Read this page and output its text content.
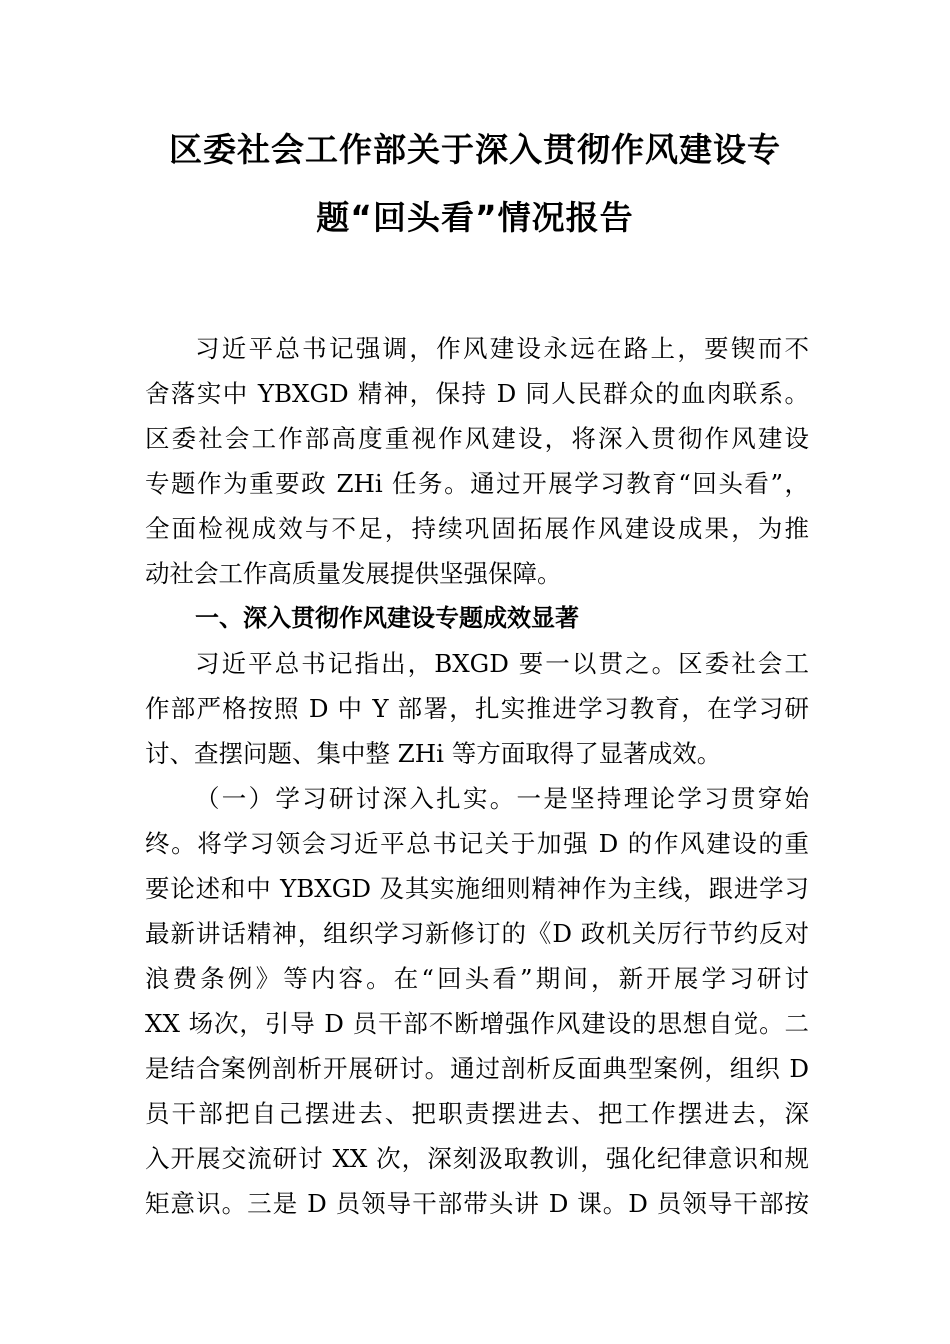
区委社会工作部关于深入贯彻作风建设专
题“回头看”情况报告
习近平总书记强调，作风建设永远在路上，要锲而不
舍落实中 YBXGD 精神，保持 D 同人民群众的血肉联系。
区委社会工作部高度重视作风建设，将深入贯彻作风建设
专题作为重要政 ZHi 任务。通过开展学习教育“回头看”，
全面检视成效与不足，持续巩固拓展作风建设成果，为推
动社会工作高质量发展提供坚强保障。
一、深入贯彻作风建设专题成效显著
习近平总书记指出，BXGD 要一以贯之。区委社会工
作部严格按照 D 中 Y 部署，扎实推进学习教育，在学习研
讨、查摆问题、集中整 ZHi 等方面取得了显著成效。
（一）学习研讨深入扎实。一是坚持理论学习贯穿始
终。将学习领会习近平总书记关于加强 D 的作风建设的重
要论述和中 YBXGD 及其实施细则精神作为主线，跟进学习
最新讲话精神，组织学习新修订的《D 政机关厉行节约反对
浪费条例》等内容。在“回头看”期间，新开展学习研讨
XX 场次，引导 D 员干部不断增强作风建设的思想自觉。二
是结合案例剖析开展研讨。通过剖析反面典型案例，组织 D
员干部把自己摆进去、把职责摆进去、把工作摆进去，深
入开展交流研讨 XX 次，深刻汲取教训，强化纪律意识和规
矩意识。三是 D 员领导干部带头讲 D 课。D 员领导干部按
